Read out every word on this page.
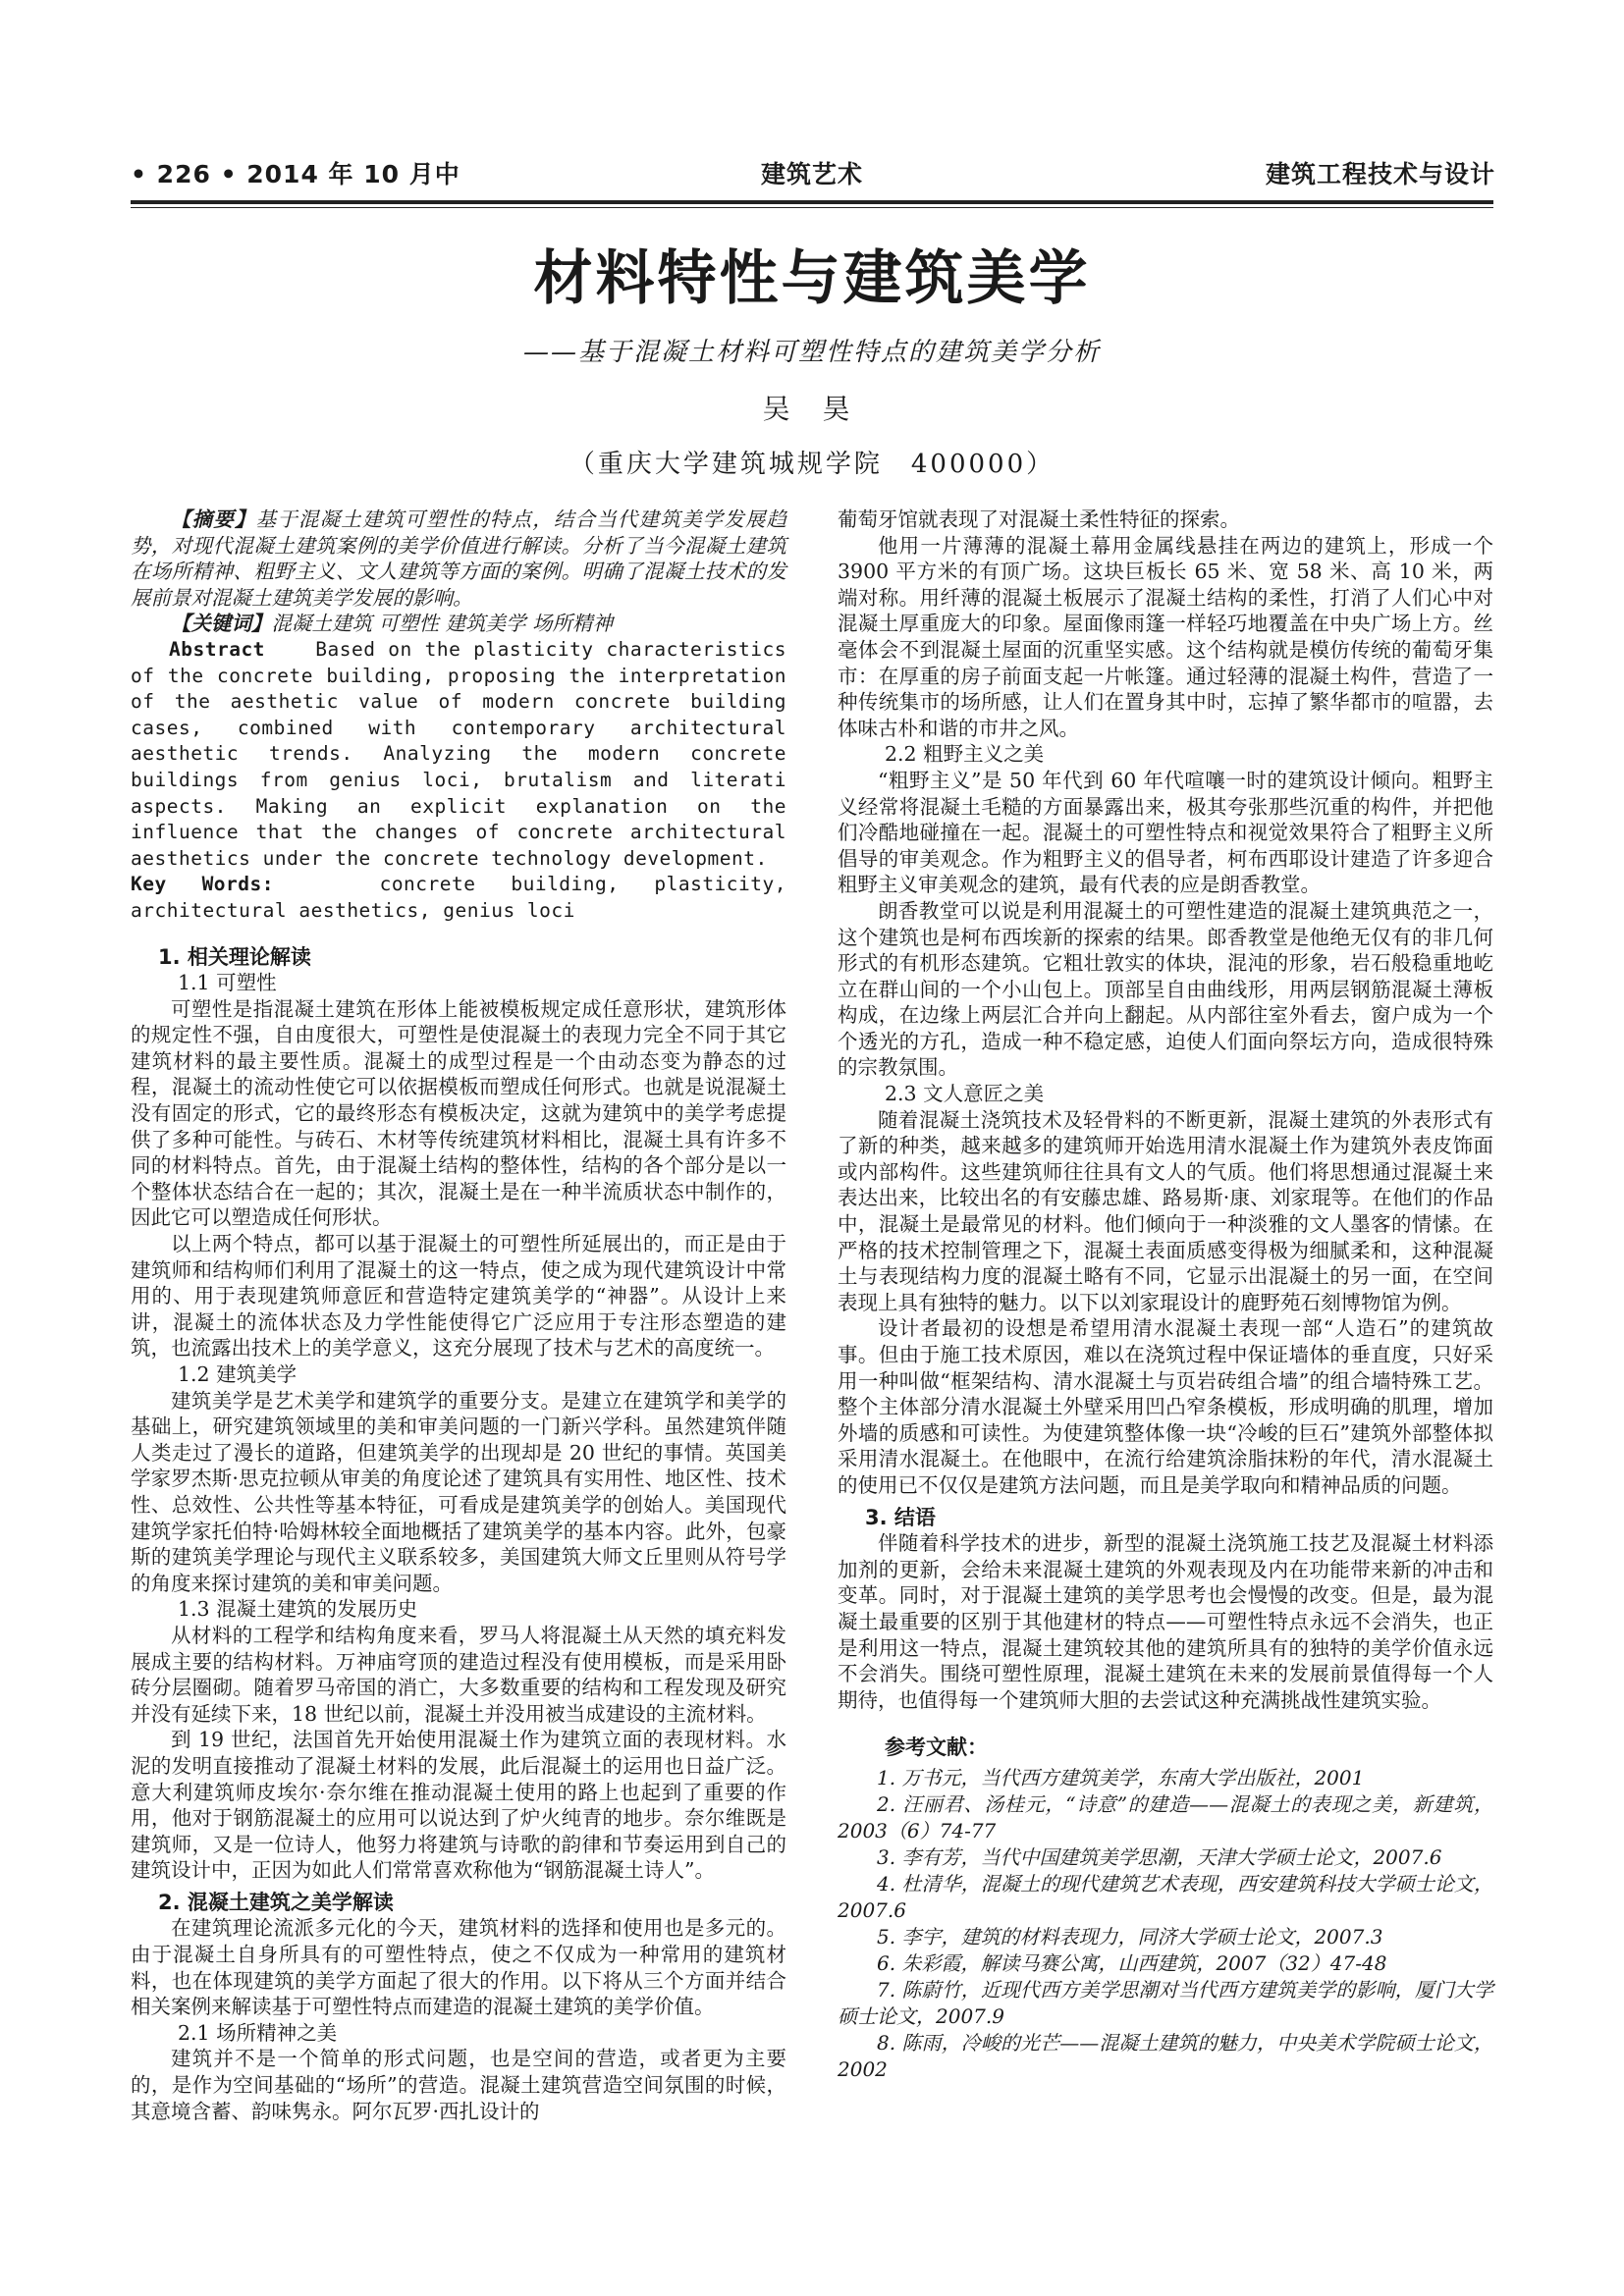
• 226 • 2014 年 10 月中	建筑艺术	建筑工程技术与设计
材料特性与建筑美学
——基于混凝土材料可塑性特点的建筑美学分析
吴 昊
（重庆大学建筑城规学院　400000）

【摘要】基于混凝土建筑可塑性的特点，结合当代建筑美学发展趋势，对现代混凝土建筑案例的美学价值进行解读。分析了当今混凝土建筑在场所精神、粗野主义、文人建筑等方面的案例。明确了混凝土技术的发展前景对混凝土建筑美学发展的影响。

【关键词】混凝土建筑 可塑性 建筑美学 场所精神

Abstract	Based on the plasticity characteristics of the concrete building, proposing the interpretation of the aesthetic value of modern concrete building cases, combined with contemporary architectural aesthetic trends. Analyzing the modern concrete buildings from genius loci, brutalism and literati aspects. Making an explicit explanation on the influence that the changes of concrete architectural aesthetics under the concrete technology development.

Key Words:	concrete building, plasticity, architectural aesthetics, genius loci

1. 相关理论解读
1.1 可塑性

可塑性是指混凝土建筑在形体上能被模板规定成任意形状，建筑形体的规定性不强，自由度很大，可塑性是使混凝土的表现力完全不同于其它建筑材料的最主要性质。混凝土的成型过程是一个由动态变为静态的过程，混凝土的流动性使它可以依据模板而塑成任何形式。也就是说混凝土没有固定的形式，它的最终形态有模板决定，这就为建筑中的美学考虑提供了多种可能性。与砖石、木材等传统建筑材料相比，混凝土具有许多不同的材料特点。首先，由于混凝土结构的整体性，结构的各个部分是以一个整体状态结合在一起的；其次，混凝土是在一种半流质状态中制作的，因此它可以塑造成任何形状。

以上两个特点，都可以基于混凝土的可塑性所延展出的，而正是由于建筑师和结构师们利用了混凝土的这一特点，使之成为现代建筑设计中常用的、用于表现建筑师意匠和营造特定建筑美学的“神器”。从设计上来讲，混凝土的流体状态及力学性能使得它广泛应用于专注形态塑造的建筑，也流露出技术上的美学意义，这充分展现了技术与艺术的高度统一。

1.2 建筑美学

建筑美学是艺术美学和建筑学的重要分支。是建立在建筑学和美学的基础上，研究建筑领域里的美和审美问题的一门新兴学科。虽然建筑伴随人类走过了漫长的道路，但建筑美学的出现却是 20 世纪的事情。英国美学家罗杰斯·思克拉顿从审美的角度论述了建筑具有实用性、地区性、技术性、总效性、公共性等基本特征，可看成是建筑美学的创始人。美国现代建筑学家托伯特·哈姆林较全面地概括了建筑美学的基本内容。此外，包豪斯的建筑美学理论与现代主义联系较多，美国建筑大师文丘里则从符号学的角度来探讨建筑的美和审美问题。

1.3 混凝土建筑的发展历史

从材料的工程学和结构角度来看，罗马人将混凝土从天然的填充料发展成主要的结构材料。万神庙穹顶的建造过程没有使用模板，而是采用卧砖分层圈砌。随着罗马帝国的消亡，大多数重要的结构和工程发现及研究并没有延续下来，18 世纪以前，混凝土并没用被当成建设的主流材料。

到 19 世纪，法国首先开始使用混凝土作为建筑立面的表现材料。水泥的发明直接推动了混凝土材料的发展，此后混凝土的运用也日益广泛。意大利建筑师皮埃尔·奈尔维在推动混凝土使用的路上也起到了重要的作用，他对于钢筋混凝土的应用可以说达到了炉火纯青的地步。奈尔维既是建筑师，又是一位诗人，他努力将建筑与诗歌的韵律和节奏运用到自己的建筑设计中，正因为如此人们常常喜欢称他为“钢筋混凝土诗人”。

2. 混凝土建筑之美学解读

在建筑理论流派多元化的今天，建筑材料的选择和使用也是多元的。由于混凝土自身所具有的可塑性特点，使之不仅成为一种常用的建筑材料，也在体现建筑的美学方面起了很大的作用。以下将从三个方面并结合相关案例来解读基于可塑性特点而建造的混凝土建筑的美学价值。

2.1 场所精神之美

建筑并不是一个简单的形式问题，也是空间的营造，或者更为主要的，是作为空间基础的“场所”的营造。混凝土建筑营造空间氛围的时候，其意境含蓄、韵味隽永。阿尔瓦罗·西扎设计的

葡萄牙馆就表现了对混凝土柔性特征的探索。

他用一片薄薄的混凝土幕用金属线悬挂在两边的建筑上，形成一个 3900 平方米的有顶广场。这块巨板长 65 米、宽 58 米、高 10 米，两端对称。用纤薄的混凝土板展示了混凝土结构的柔性，打消了人们心中对混凝土厚重庞大的印象。屋面像雨篷一样轻巧地覆盖在中央广场上方。丝毫体会不到混凝土屋面的沉重坚实感。这个结构就是模仿传统的葡萄牙集市：在厚重的房子前面支起一片帐篷。通过轻薄的混凝土构件，营造了一种传统集市的场所感，让人们在置身其中时，忘掉了繁华都市的喧嚣，去体味古朴和谐的市井之风。

2.2 粗野主义之美

“粗野主义”是 50 年代到 60 年代喧嚷一时的建筑设计倾向。粗野主义经常将混凝土毛糙的方面暴露出来，极其夸张那些沉重的构件，并把他们冷酷地碰撞在一起。混凝土的可塑性特点和视觉效果符合了粗野主义所倡导的审美观念。作为粗野主义的倡导者，柯布西耶设计建造了许多迎合粗野主义审美观念的建筑，最有代表的应是朗香教堂。

朗香教堂可以说是利用混凝土的可塑性建造的混凝土建筑典范之一，这个建筑也是柯布西埃新的探索的结果。郎香教堂是他绝无仅有的非几何形式的有机形态建筑。它粗壮敦实的体块，混沌的形象，岩石般稳重地屹立在群山间的一个小山包上。顶部呈自由曲线形，用两层钢筋混凝土薄板构成，在边缘上两层汇合并向上翻起。从内部往室外看去，窗户成为一个个透光的方孔，造成一种不稳定感，迫使人们面向祭坛方向，造成很特殊的宗教氛围。

2.3 文人意匠之美

随着混凝土浇筑技术及轻骨料的不断更新，混凝土建筑的外表形式有了新的种类，越来越多的建筑师开始选用清水混凝土作为建筑外表皮饰面或内部构件。这些建筑师往往具有文人的气质。他们将思想通过混凝土来表达出来，比较出名的有安藤忠雄、路易斯·康、刘家琨等。在他们的作品中，混凝土是最常见的材料。他们倾向于一种淡雅的文人墨客的情愫。在严格的技术控制管理之下，混凝土表面质感变得极为细腻柔和，这种混凝土与表现结构力度的混凝土略有不同，它显示出混凝土的另一面，在空间表现上具有独特的魅力。以下以刘家琨设计的鹿野苑石刻博物馆为例。

设计者最初的设想是希望用清水混凝土表现一部“人造石”的建筑故事。但由于施工技术原因，难以在浇筑过程中保证墙体的垂直度，只好采用一种叫做“框架结构、清水混凝土与页岩砖组合墙”的组合墙特殊工艺。整个主体部分清水混凝土外壁采用凹凸窄条模板，形成明确的肌理，增加外墙的质感和可读性。为使建筑整体像一块“冷峻的巨石”建筑外部整体拟采用清水混凝土。在他眼中，在流行给建筑涂脂抹粉的年代，清水混凝土的使用已不仅仅是建筑方法问题，而且是美学取向和精神品质的问题。

3. 结语

伴随着科学技术的进步，新型的混凝土浇筑施工技艺及混凝土材料添加剂的更新，会给未来混凝土建筑的外观表现及内在功能带来新的冲击和变革。同时，对于混凝土建筑的美学思考也会慢慢的改变。但是，最为混凝土最重要的区别于其他建材的特点——可塑性特点永远不会消失，也正是利用这一特点，混凝土建筑较其他的建筑所具有的独特的美学价值永远不会消失。围绕可塑性原理，混凝土建筑在未来的发展前景值得每一个人期待，也值得每一个建筑师大胆的去尝试这种充满挑战性建筑实验。

参考文献：

1. 万书元，当代西方建筑美学，东南大学出版社，2001

2. 汪丽君、汤桂元，“诗意”的建造——混凝土的表现之美，新建筑，2003（6）74-77

3. 李有芳，当代中国建筑美学思潮，天津大学硕士论文，2007.6

4. 杜清华，混凝土的现代建筑艺术表现，西安建筑科技大学硕士论文，2007.6

5. 李宇，建筑的材料表现力，同济大学硕士论文，2007.3

6. 朱彩霞，解读马赛公寓，山西建筑，2007（32）47-48

7. 陈蔚竹，近现代西方美学思潮对当代西方建筑美学的影响，厦门大学硕士论文，2007.9

8. 陈雨，冷峻的光芒——混凝土建筑的魅力，中央美术学院硕士论文，2002
